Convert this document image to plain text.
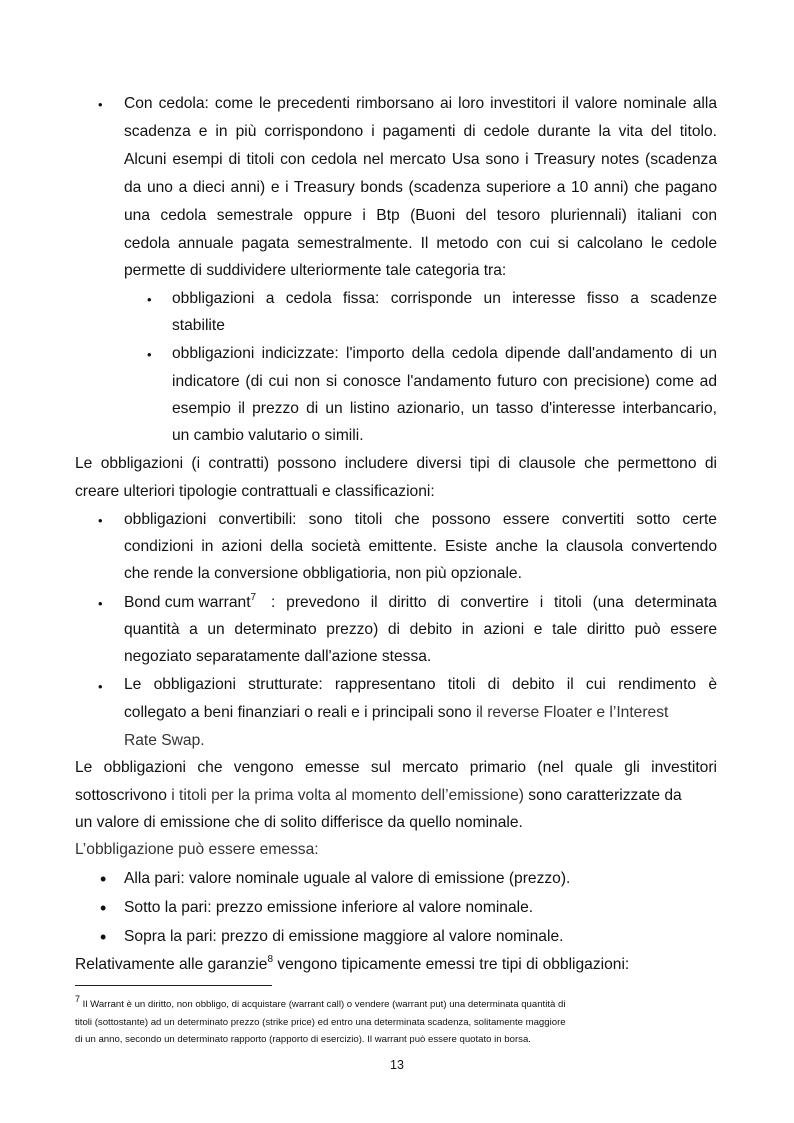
• Con cedola: come le precedenti rimborsano ai loro investitori il valore nominale alla
scadenza e in più corrispondono i pagamenti di cedole durante la vita del titolo.
Alcuni esempi di titoli con cedola nel mercato Usa sono i Treasury notes (scadenza
da uno a dieci anni) e i Treasury bonds (scadenza superiore a 10 anni) che pagano
una cedola semestrale oppure i Btp (Buoni del tesoro pluriennali) italiani con
cedola annuale pagata semestralmente. Il metodo con cui si calcolano le cedole
permette di suddividere ulteriormente tale categoria tra:
• obbligazioni a cedola fissa: corrisponde un interesse fisso a scadenze
stabilite
• obbligazioni indicizzate: l'importo della cedola dipende dall'andamento di un
indicatore (di cui non si conosce l'andamento futuro con precisione) come ad
esempio il prezzo di un listino azionario, un tasso d'interesse interbancario,
un cambio valutario o simili.
Le obbligazioni (i contratti) possono includere diversi tipi di clausole che permettono di
creare ulteriori tipologie contrattuali e classificazioni:
• obbligazioni convertibili: sono titoli che possono essere convertiti sotto certe
condizioni in azioni della società emittente. Esiste anche la clausola convertendo
che rende la conversione obbligatioria, non più opzionale.
• Bond cum warrant$^7$ : prevedono il diritto di convertire i titoli (una determinata
quantità a un determinato prezzo) di debito in azioni e tale diritto può essere
negoziato separatamente dall'azione stessa.
• Le obbligazioni strutturate: rappresentano titoli di debito il cui rendimento è
collegato a beni finanziari o reali e i principali sono il reverse Floater e l’Interest
Rate Swap.
Le obbligazioni che vengono emesse sul mercato primario (nel quale gli investitori
sottoscrivono i titoli per la prima volta al momento dell’emissione) sono caratterizzate da
un valore di emissione che di solito differisce da quello nominale.
L’obbligazione può essere emessa:
• Alla pari: valore nominale uguale al valore di emissione (prezzo).
• Sotto la pari: prezzo emissione inferiore al valore nominale.
• Sopra la pari: prezzo di emissione maggiore al valore nominale.
Relativamente alle garanzie$^8$ vengono tipicamente emessi tre tipi di obbligazioni:
$^7$ Il Warrant è un diritto, non obbligo, di acquistare (warrant call) o vendere (warrant put) una determinata quantità di
titoli (sottostante) ad un determinato prezzo (strike price) ed entro una determinata scadenza, solitamente maggiore
di un anno, secondo un determinato rapporto (rapporto di esercizio). Il warrant può essere quotato in borsa.
13
